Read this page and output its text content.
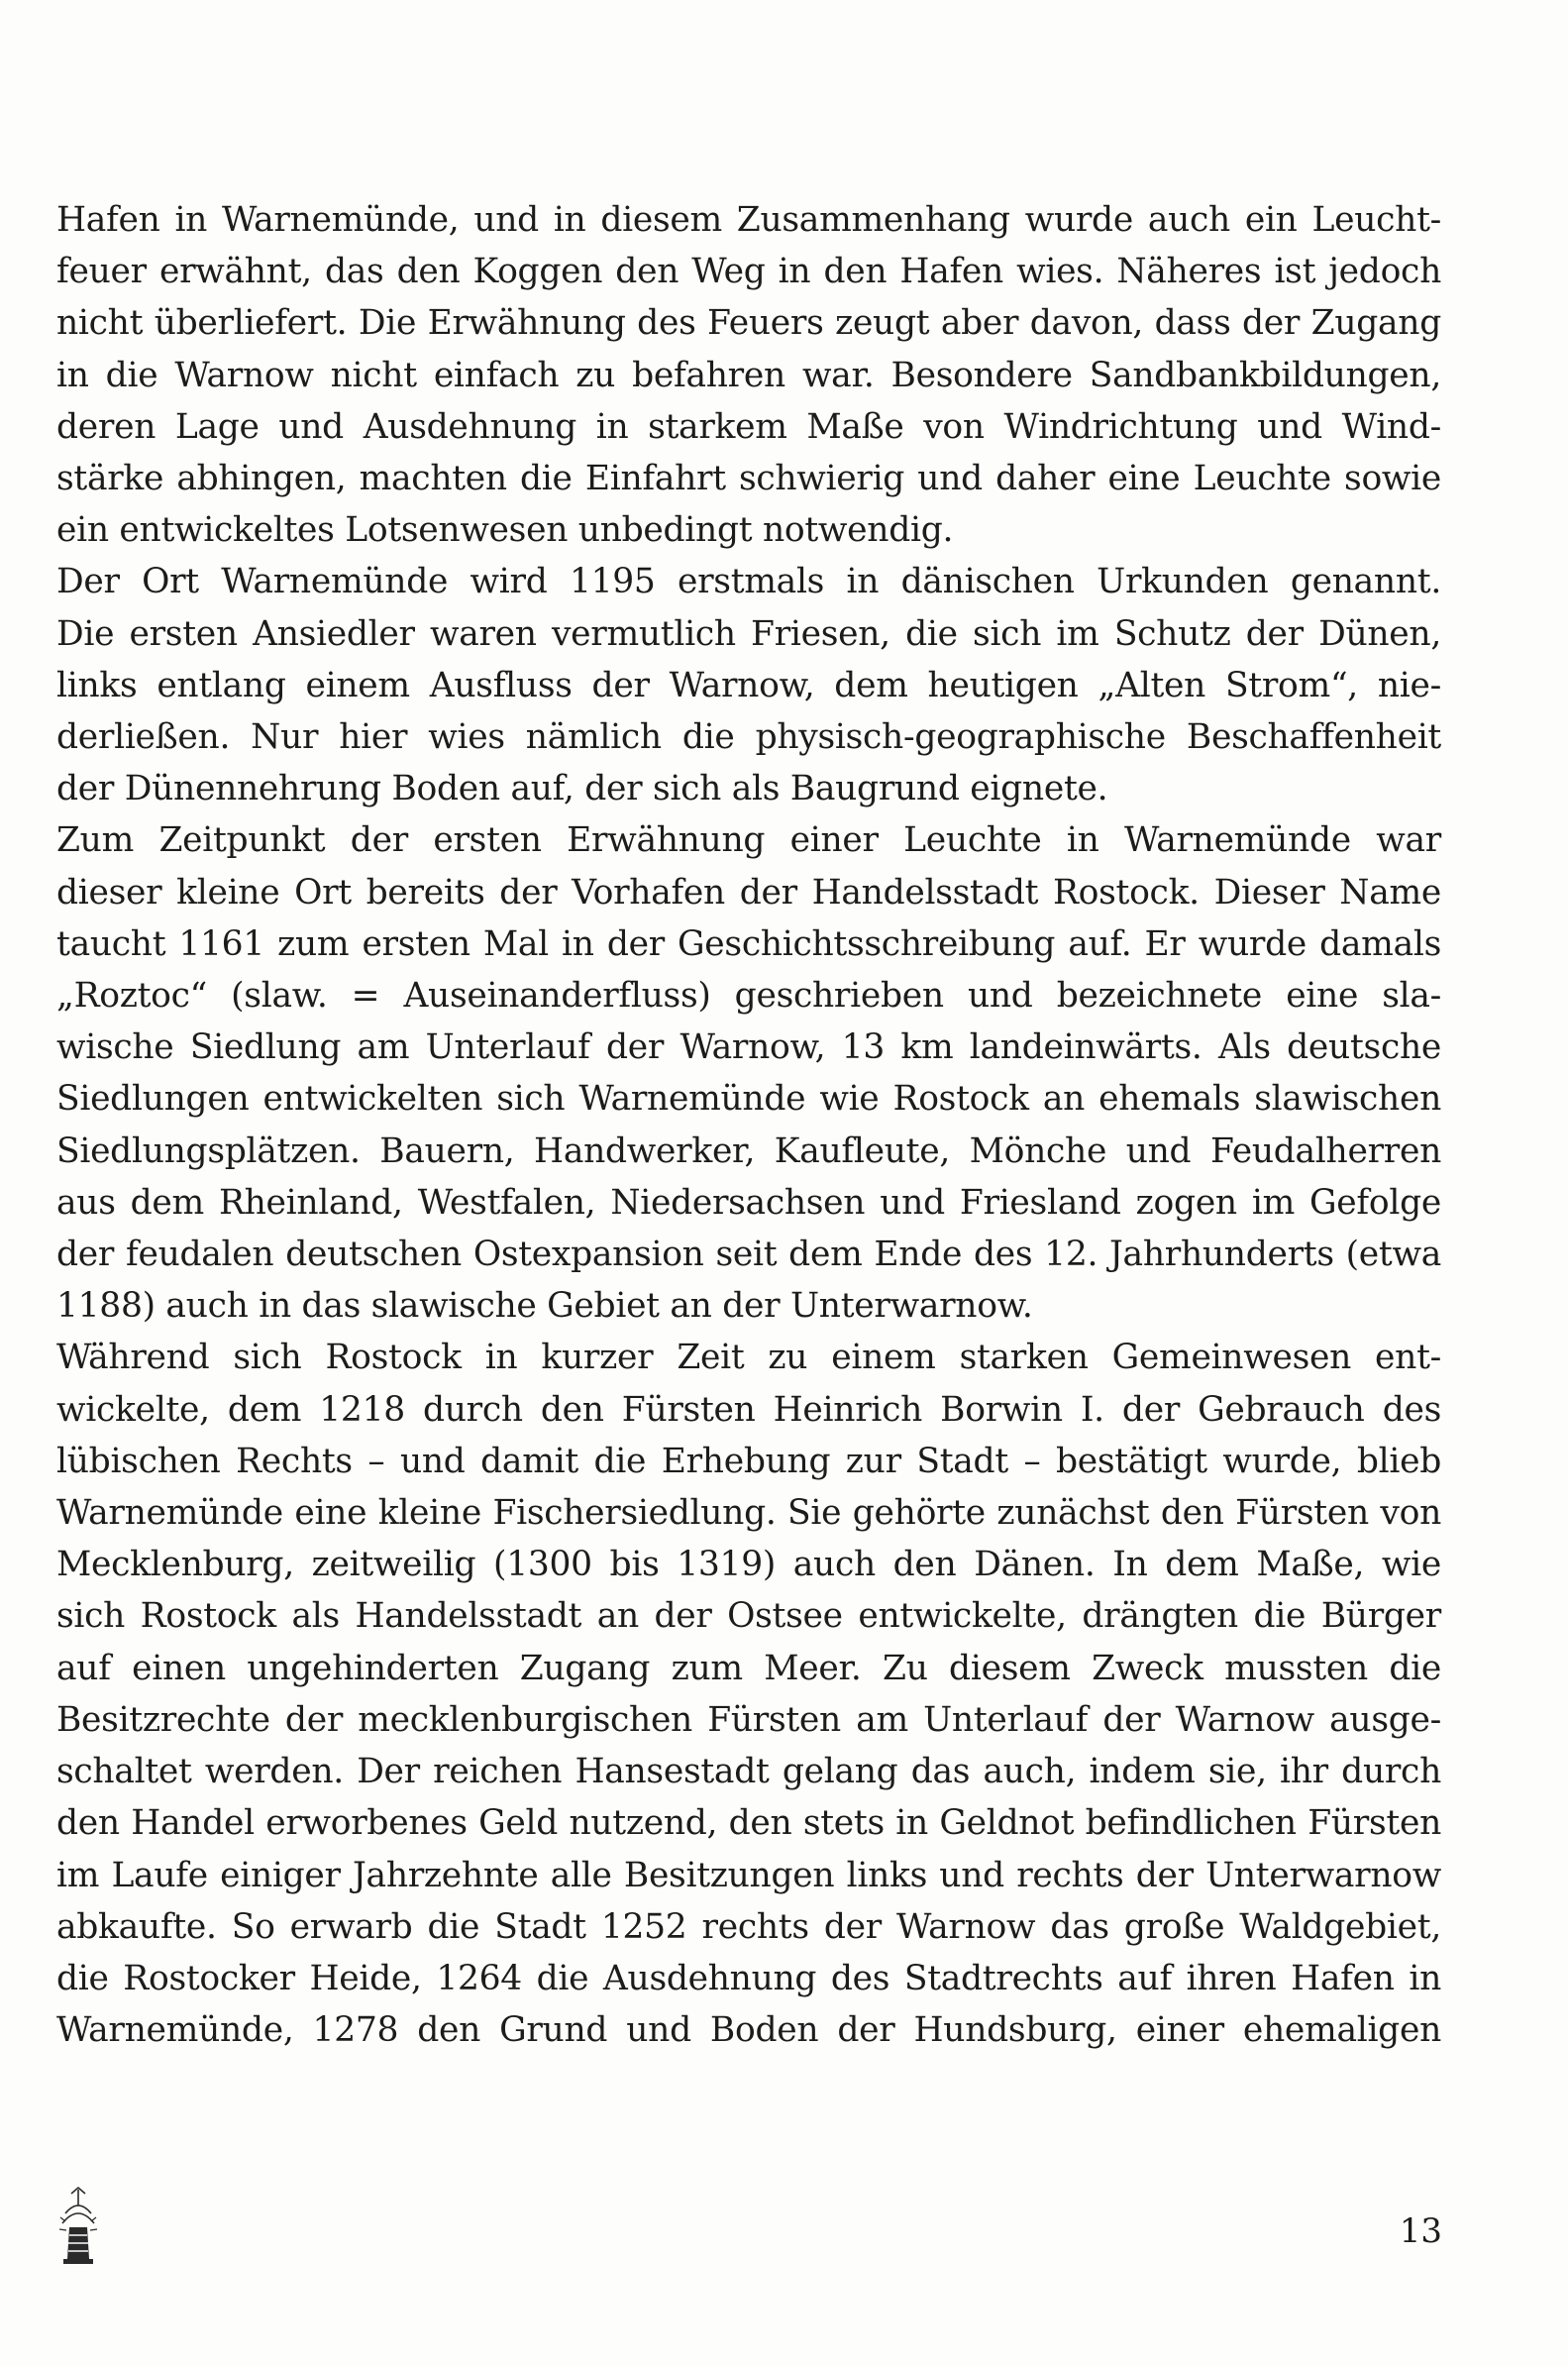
Hafen in Warnemünde, und in diesem Zusammenhang wurde auch ein Leucht-
feuer erwähnt, das den Koggen den Weg in den Hafen wies. Näheres ist jedoch
nicht überliefert. Die Erwähnung des Feuers zeugt aber davon, dass der Zugang
in die Warnow nicht einfach zu befahren war. Besondere Sandbankbildungen,
deren Lage und Ausdehnung in starkem Maße von Windrichtung und Wind-
stärke abhingen, machten die Einfahrt schwierig und daher eine Leuchte sowie
ein entwickeltes Lotsenwesen unbedingt notwendig.
Der Ort Warnemünde wird 1195 erstmals in dänischen Urkunden genannt.
Die ersten Ansiedler waren vermutlich Friesen, die sich im Schutz der Dünen,
links entlang einem Ausfluss der Warnow, dem heutigen „Alten Strom“, nie-
derließen. Nur hier wies nämlich die physisch-geographische Beschaffenheit
der Dünennehrung Boden auf, der sich als Baugrund eignete.
Zum Zeitpunkt der ersten Erwähnung einer Leuchte in Warnemünde war
dieser kleine Ort bereits der Vorhafen der Handelsstadt Rostock. Dieser Name
taucht 1161 zum ersten Mal in der Geschichtsschreibung auf. Er wurde damals
„Roztoc“ (slaw. = Auseinanderfluss) geschrieben und bezeichnete eine sla-
wische Siedlung am Unterlauf der Warnow, 13 km landeinwärts. Als deutsche
Siedlungen entwickelten sich Warnemünde wie Rostock an ehemals slawischen
Siedlungsplätzen. Bauern, Handwerker, Kaufleute, Mönche und Feudalherren
aus dem Rheinland, Westfalen, Niedersachsen und Friesland zogen im Gefolge
der feudalen deutschen Ostexpansion seit dem Ende des 12. Jahrhunderts (etwa
1188) auch in das slawische Gebiet an der Unterwarnow.
Während sich Rostock in kurzer Zeit zu einem starken Gemeinwesen ent-
wickelte, dem 1218 durch den Fürsten Heinrich Borwin I. der Gebrauch des
lübischen Rechts – und damit die Erhebung zur Stadt – bestätigt wurde, blieb
Warnemünde eine kleine Fischersiedlung. Sie gehörte zunächst den Fürsten von
Mecklenburg, zeitweilig (1300 bis 1319) auch den Dänen. In dem Maße, wie
sich Rostock als Handelsstadt an der Ostsee entwickelte, drängten die Bürger
auf einen ungehinderten Zugang zum Meer. Zu diesem Zweck mussten die
Besitzrechte der mecklenburgischen Fürsten am Unterlauf der Warnow ausge-
schaltet werden. Der reichen Hansestadt gelang das auch, indem sie, ihr durch
den Handel erworbenes Geld nutzend, den stets in Geldnot befindlichen Fürsten
im Laufe einiger Jahrzehnte alle Besitzungen links und rechts der Unterwarnow
abkaufte. So erwarb die Stadt 1252 rechts der Warnow das große Waldgebiet,
die Rostocker Heide, 1264 die Ausdehnung des Stadtrechts auf ihren Hafen in
Warnemünde, 1278 den Grund und Boden der Hundsburg, einer ehemaligen
13
